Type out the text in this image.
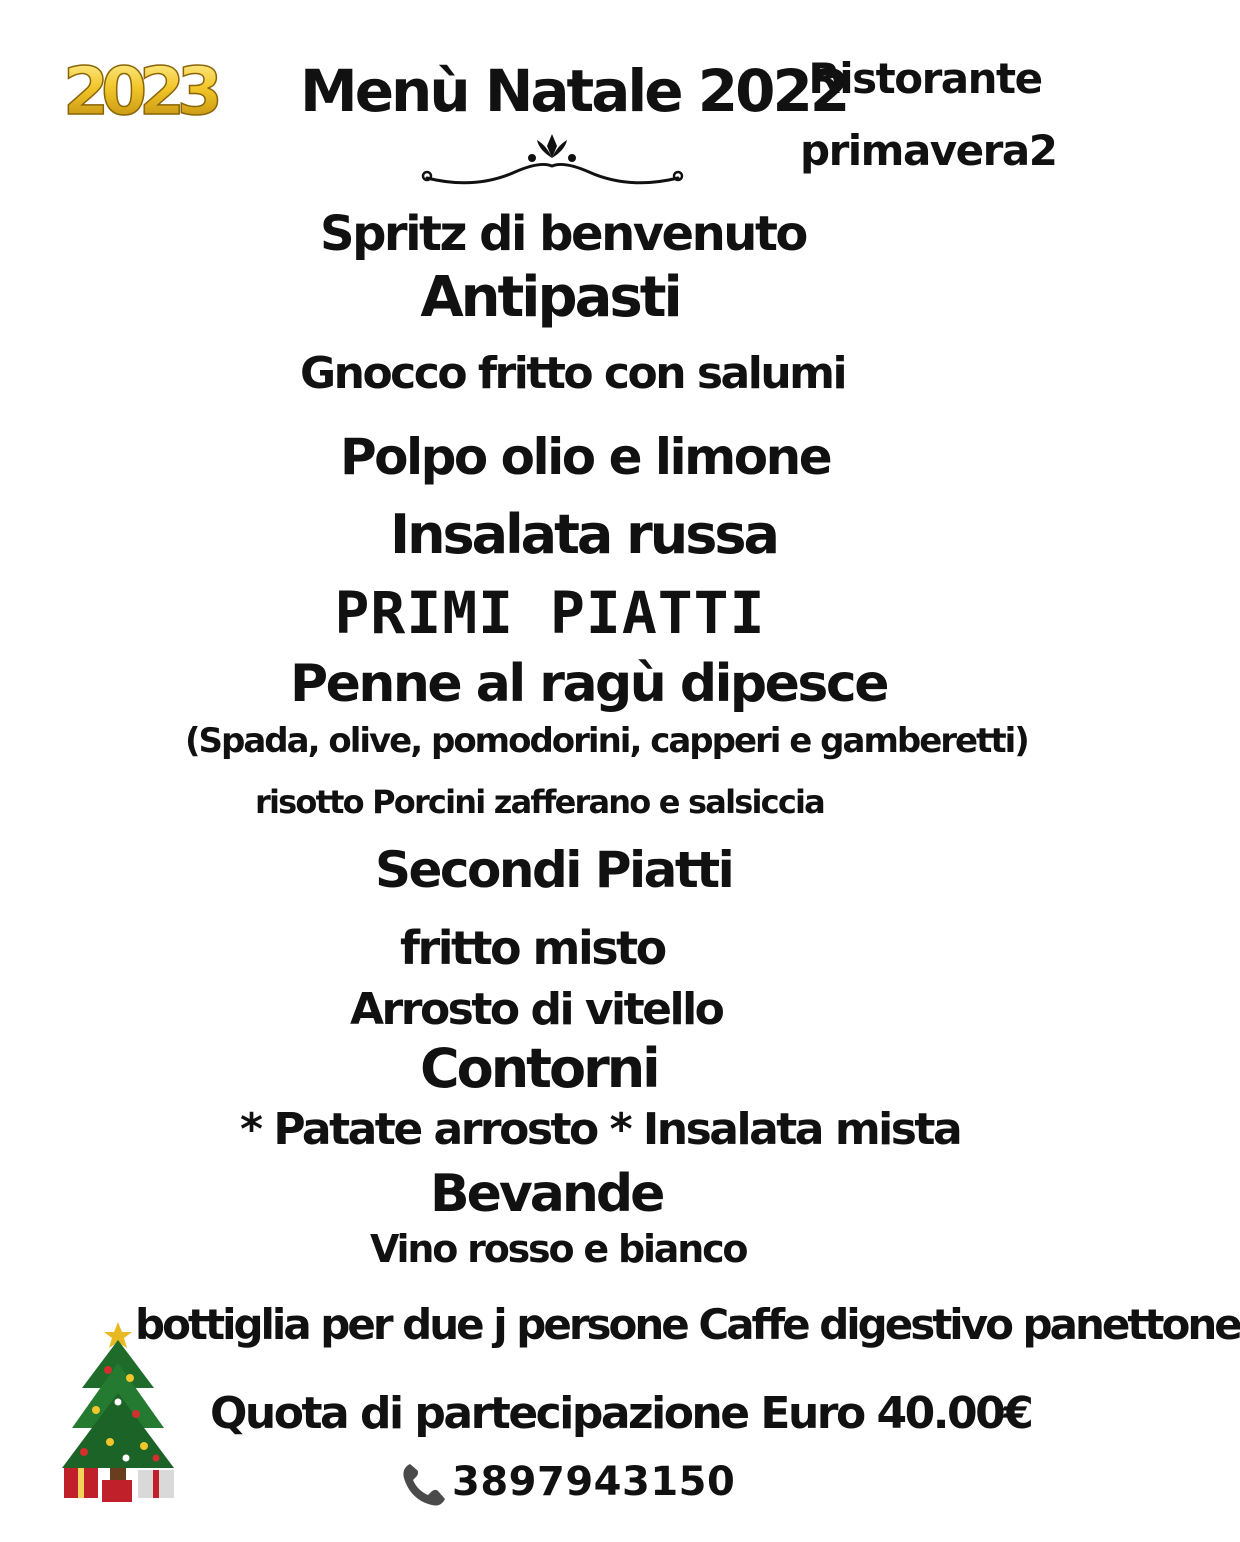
2023 Menù Natale 2022
Ristorante
primavera2
Spritz di benvenuto
Antipasti
Gnocco fritto con salumi
Polpo olio e limone
Insalata russa
PRIMI PIATTI
Penne al ragù dipesce
(Spada, olive, pomodorini, capperi e gamberetti)
risotto Porcini zafferano e salsiccia
Secondi Piatti
fritto misto
Arrosto di vitello
Contorni
* Patate arrosto * Insalata mista
Bevande
Vino rosso e bianco
bottiglia per due j persone Caffe digestivo panettone
Quota di partecipazione Euro 40.00€
3897943150
